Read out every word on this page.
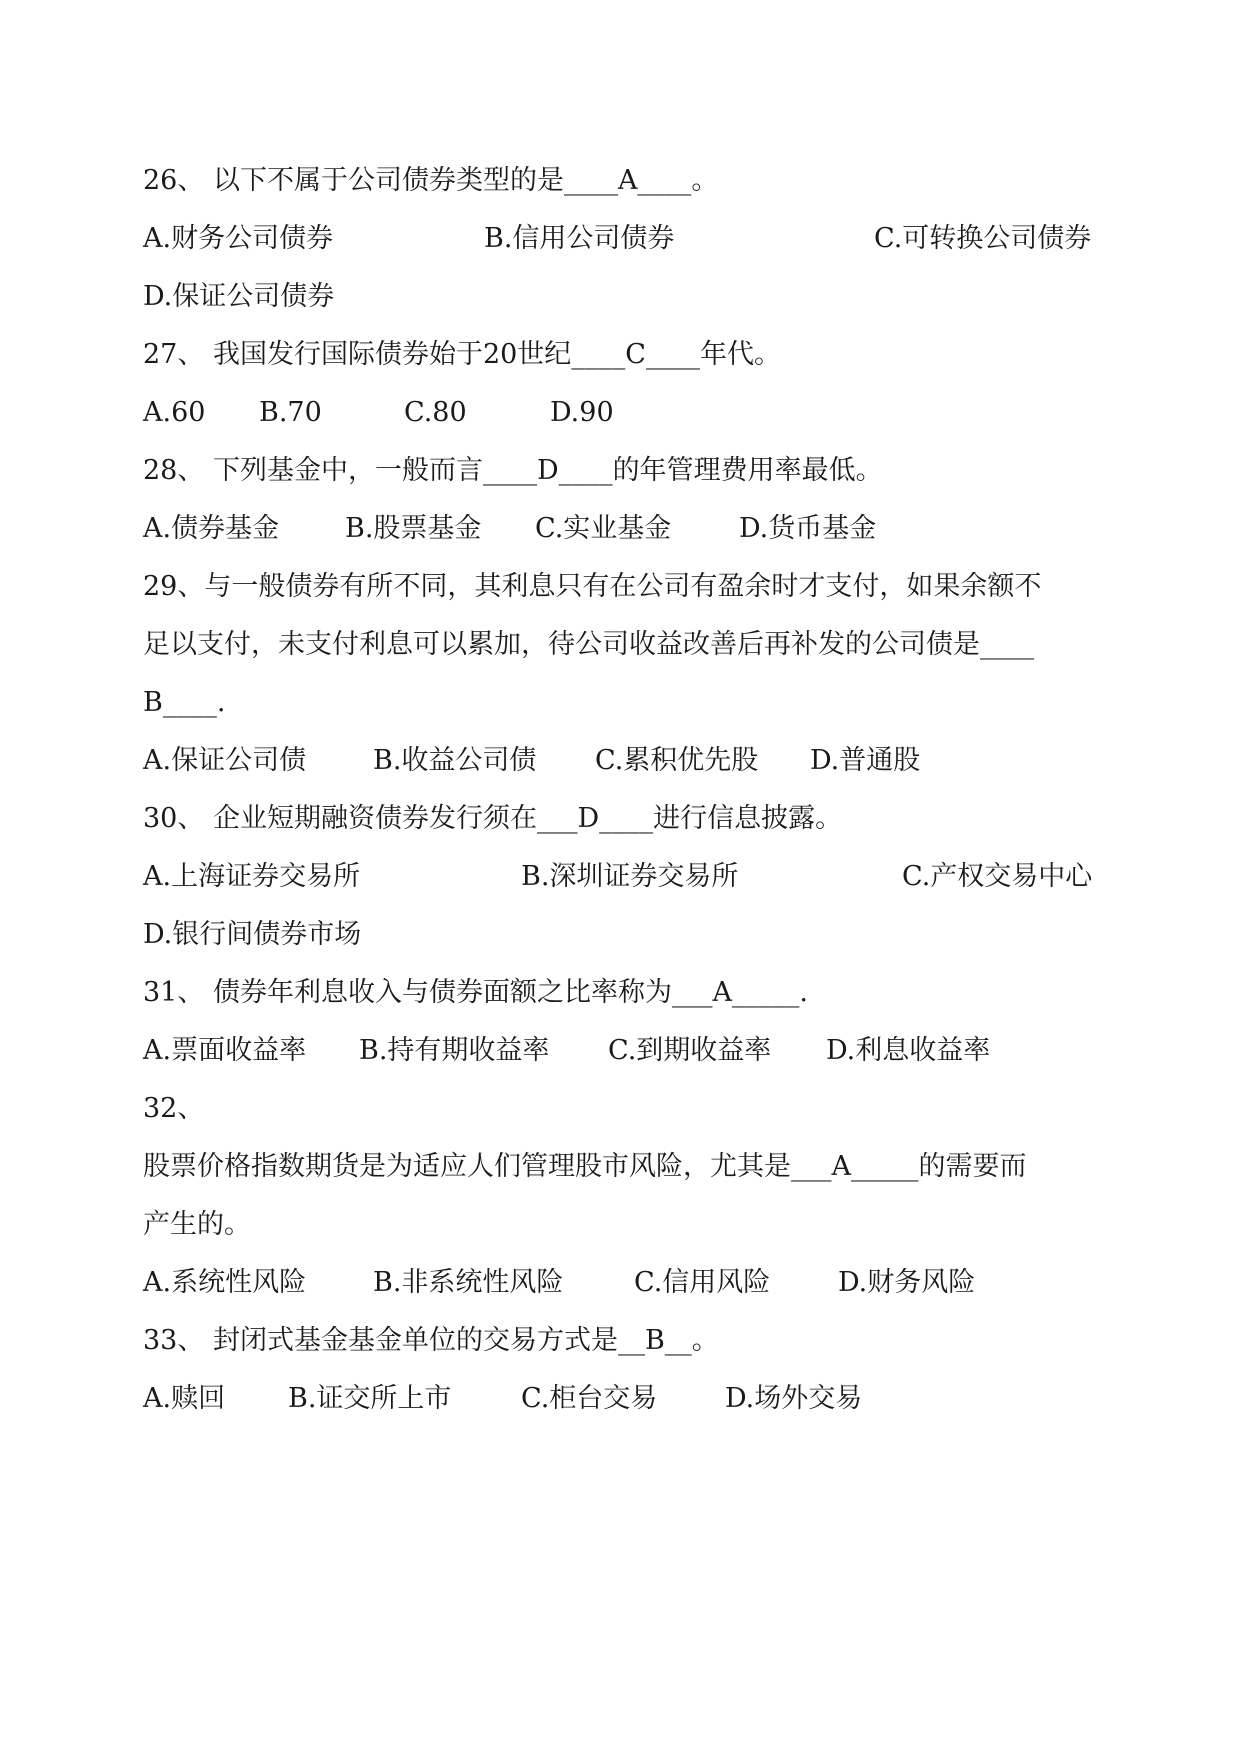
26、 以下不属于公司债券类型的是____A____。
A.财务公司债券	B.信用公司债券	C.可转换公司债券
D.保证公司债券
27、 我国发行国际债券始于20世纪____C____年代。
A.60 B.70	C.80	D.90
28、 下列基金中，一般而言____D____的年管理费用率最低。
A.债券基金 B.股票基金 C.实业基金	D.货币基金
29、与一般债券有所不同，其利息只有在公司有盈余时才支付，如果余额不
足以支付，未支付利息可以累加，待公司收益改善后再补发的公司债是____
B____.
A.保证公司债 B.收益公司债 C.累积优先股 D.普通股
30、 企业短期融资债券发行须在___D____进行信息披露。
A.上海证券交易所	B.深圳证券交易所	C.产权交易中心
D.银行间债券市场
31、 债券年利息收入与债券面额之比率称为___A_____.
A.票面收益率 B.持有期收益率 C.到期收益率 D.利息收益率
32、
股票价格指数期货是为适应人们管理股市风险，尤其是___A_____的需要而
产生的。
A.系统性风险 B.非系统性风险	C.信用风险	D.财务风险
33、 封闭式基金基金单位的交易方式是__B__。
A.赎回 B.证交所上市	C.柜台交易	D.场外交易
